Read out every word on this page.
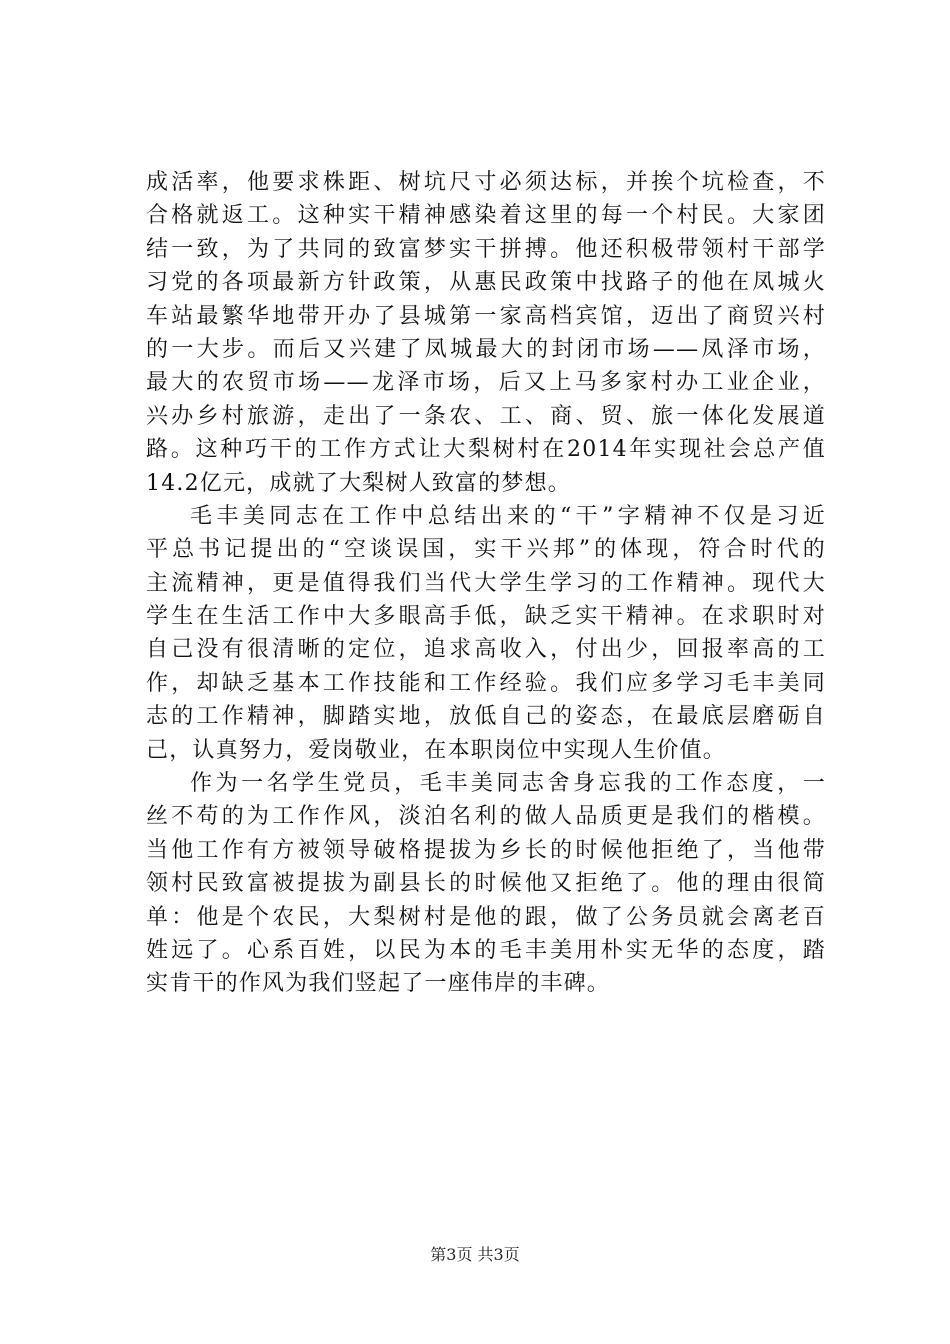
成活率，他要求株距、树坑尺寸必须达标，并挨个坑检查，不
合格就返工。这种实干精神感染着这里的每一个村民。大家团
结一致，为了共同的致富梦实干拼搏。他还积极带领村干部学
习党的各项最新方针政策，从惠民政策中找路子的他在凤城火
车站最繁华地带开办了县城第一家高档宾馆，迈出了商贸兴村
的一大步。而后又兴建了凤城最大的封闭市场——凤泽市场，
最大的农贸市场——龙泽市场，后又上马多家村办工业企业，
兴办乡村旅游，走出了一条农、工、商、贸、旅一体化发展道
路。这种巧干的工作方式让大梨树村在2014年实现社会总产值
14.2亿元，成就了大梨树人致富的梦想。
毛丰美同志在工作中总结出来的“干”字精神不仅是习近
平总书记提出的“空谈误国，实干兴邦”的体现，符合时代的
主流精神，更是值得我们当代大学生学习的工作精神。现代大
学生在生活工作中大多眼高手低，缺乏实干精神。在求职时对
自己没有很清晰的定位，追求高收入，付出少，回报率高的工
作，却缺乏基本工作技能和工作经验。我们应多学习毛丰美同
志的工作精神，脚踏实地，放低自己的姿态，在最底层磨砺自
己，认真努力，爱岗敬业，在本职岗位中实现人生价值。
作为一名学生党员，毛丰美同志舍身忘我的工作态度，一
丝不苟的为工作作风，淡泊名利的做人品质更是我们的楷模。
当他工作有方被领导破格提拔为乡长的时候他拒绝了，当他带
领村民致富被提拔为副县长的时候他又拒绝了。他的理由很简
单：他是个农民，大梨树村是他的跟，做了公务员就会离老百
姓远了。心系百姓，以民为本的毛丰美用朴实无华的态度，踏
实肯干的作风为我们竖起了一座伟岸的丰碑。
第3页 共3页
